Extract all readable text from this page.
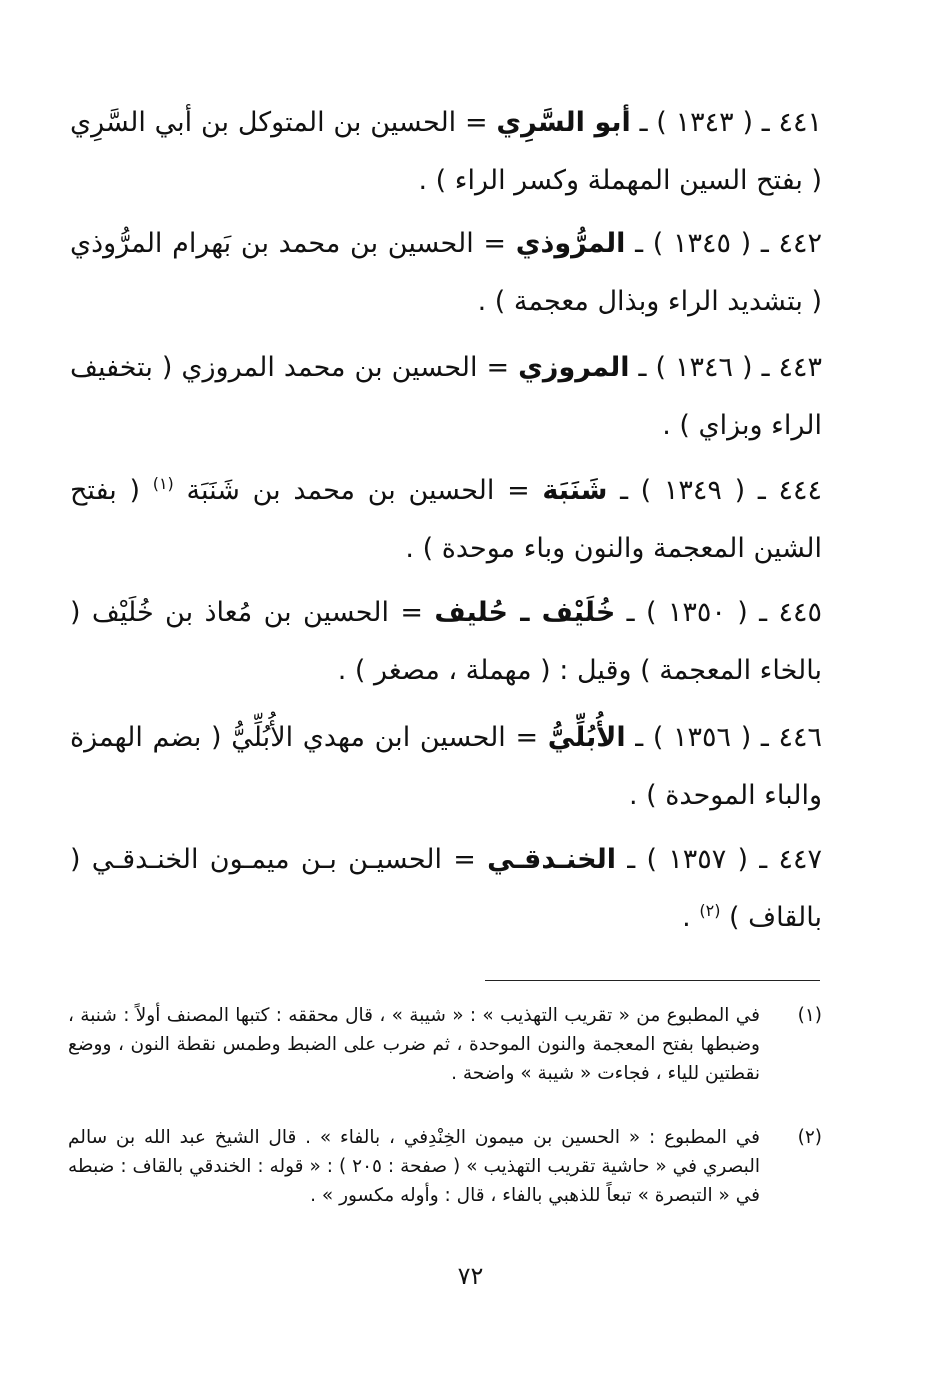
٤٤١ ـ ( ١٣٤٣ ) ـ أبو السَّرِي = الحسين بن المتوكل بن أبي السَّرِي ( بفتح السين المهملة وكسر الراء ) .
٤٤٢ ـ ( ١٣٤٥ ) ـ المرُّوذي = الحسين بن محمد بن بَهرام المرُّوذي ( بتشديد الراء وبذال معجمة ) .
٤٤٣ ـ ( ١٣٤٦ ) ـ المروزي = الحسين بن محمد المروزي ( بتخفيف الراء وبزاي ) .
٤٤٤ ـ ( ١٣٤٩ ) ـ شَنَبَة = الحسين بن محمد بن شَنَبَة $^{(١)}$ ( بفتح الشين المعجمة والنون وباء موحدة ) .
٤٤٥ ـ ( ١٣٥٠ ) ـ خُلَيْف ـ حُليف = الحسين بن مُعاذ بن خُلَيْف ( بالخاء المعجمة ) وقيل : ( مهملة ، مصغر ) .
٤٤٦ ـ ( ١٣٥٦ ) ـ الأُبُلِّيُّ = الحسين ابن مهدي الأُبُلِّيُّ ( بضم الهمزة والباء الموحدة ) .
٤٤٧ ـ ( ١٣٥٧ ) ـ الخنـدقـي = الحسيـن بـن ميمـون الخنـدقـي ( بالقاف ) $^{(٢)}$ .
(١)
في المطبوع من « تقريب التهذيب » : « شيبة » ، قال محققه : كتبها المصنف أولاً : شنبة ، وضبطها بفتح المعجمة والنون الموحدة ، ثم ضرب على الضبط وطمس نقطة النون ، ووضع نقطتين للياء ، فجاءت « شيبة » واضحة .
(٢)
في المطبوع : « الحسين بن ميمون الخِنْدِفي ، بالفاء » . قال الشيخ عبد الله بن سالم البصري في « حاشية تقريب التهذيب » ( صفحة : ٢٠٥ ) : « قوله : الخندقي بالقاف : ضبطه في « التبصرة » تبعاً للذهبي بالفاء ، قال : وأوله مكسور » .
٧٢
